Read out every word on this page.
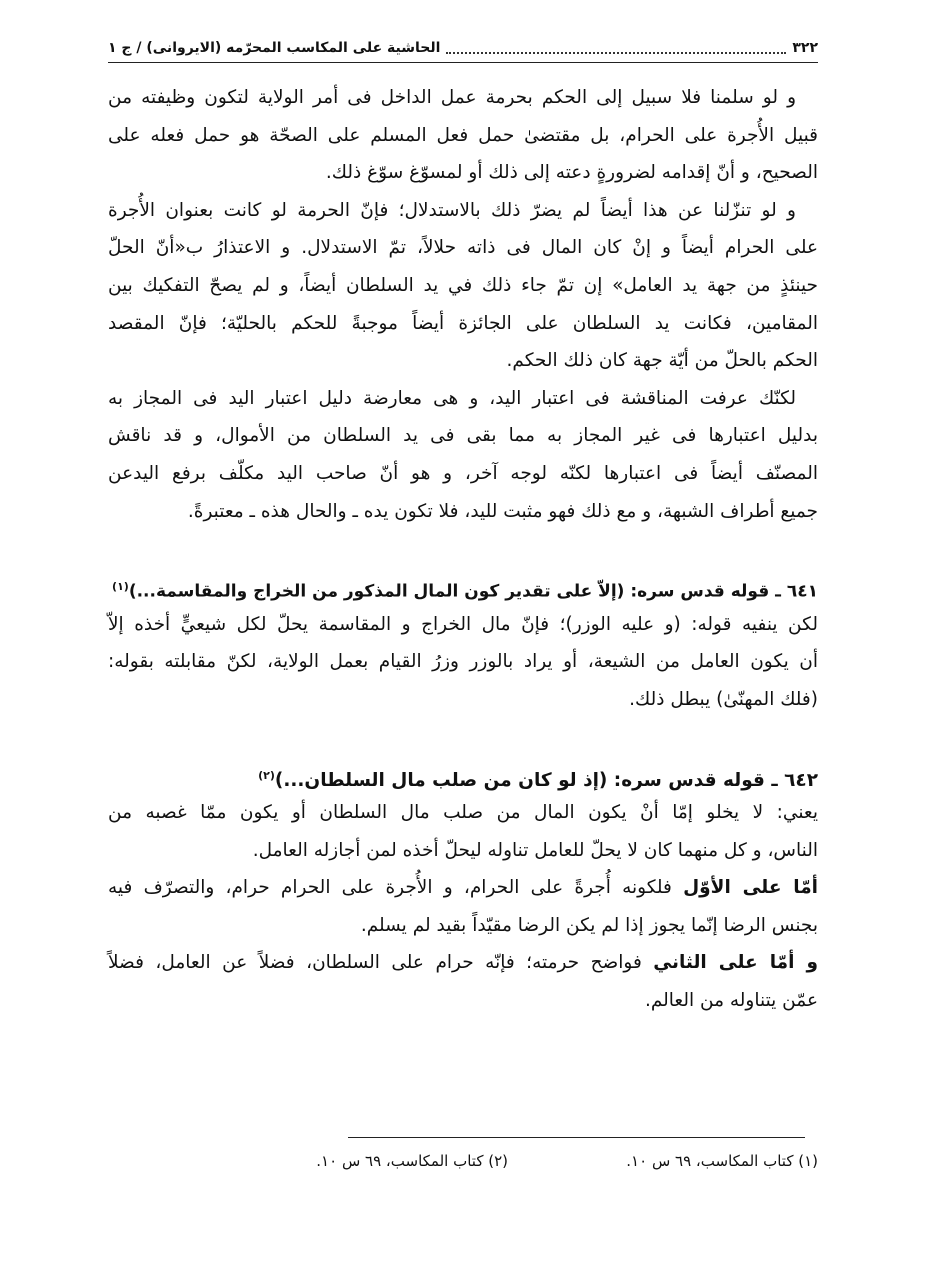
٣٢٢
الحاشية على المكاسب المحرّمه (الايروانى) / ج ١
و لو سلمنا فلا سبيل إلى الحكم بحرمة عمل الداخل فى أمر الولاية لتكون وظيفته من
قبيل الأُجرة على الحرام، بل مقتضىٰ حمل فعل المسلم على الصحّة هو حمل فعله على
الصحيح، و أنّ إقدامه لضرورةٍ دعته إلى ذلك أو لمسوّغ سوّغ ذلك.
و لو تنزّلنا عن هذا أيضاً لم يضرّ ذلك بالاستدلال؛ فإنّ الحرمة لو كانت بعنوان الأُجرة
على الحرام أيضاً و إنْ كان المال فى ذاته حلالاً، تمّ الاستدلال. و الاعتذارُ ب«أنّ الحلّ
حينئذٍ من جهة يد العامل» إن تمّ جاء ذلك في يد السلطان أيضاً، و لم يصحّ التفكيك بين
المقامين، فكانت يد السلطان على الجائزة أيضاً موجبةً للحكم بالحليّة؛ فإنّ المقصد
الحكم بالحلّ من أيّة جهة كان ذلك الحكم.
لكنّك عرفت المناقشة فى اعتبار اليد، و هى معارضة دليل اعتبار اليد فى المجاز به
بدليل اعتبارها فى غير المجاز به مما بقى فى يد السلطان من الأموال، و قد ناقش
المصنّف أيضاً فى اعتبارها لكنّه لوجه آخر، و هو أنّ صاحب اليد مكلّف برفع اليدعن
جميع أطراف الشبهة، و مع ذلك فهو مثبت لليد، فلا تكون يده ـ والحال هذه ـ معتبرةً.
٦٤١ ـ قوله قدس سره: (إلاّ على تقدير كون المال المذكور من الخراج والمقاسمة...)$^{(١)}$
لكن ينفيه قوله: (و عليه الوزر)؛ فإنّ مال الخراج و المقاسمة يحلّ لكل شيعيٍّ أخذه إلاّ
أن يكون العامل من الشيعة، أو يراد بالوزر وزرُ القيام بعمل الولاية، لكنّ مقابلته بقوله:
(فلك المهنّىٰ) يبطل ذلك.
٦٤٢ ـ قوله قدس سره: (إذ لو كان من صلب مال السلطان...)$^{(٢)}$
يعني: لا يخلو إمّا أنْ يكون المال من صلب مال السلطان أو يكون ممّا غصبه من
الناس، و كل منهما كان لا يحلّ للعامل تناوله ليحلّ أخذه لمن أجازله العامل.
أمّا على الأوّل فلكونه أُجرةً على الحرام، و الأُجرة على الحرام حرام، والتصرّف فيه
بجنس الرضا إنّما يجوز إذا لم يكن الرضا مقيّداً بقيد لم يسلم.
و أمّا على الثاني فواضح حرمته؛ فإنّه حرام على السلطان، فضلاً عن العامل، فضلاً
عمّن يتناوله من العالم.
(١) كتاب المكاسب، ٦٩ س ١٠.
(٢) كتاب المكاسب، ٦٩ س ١٠.
